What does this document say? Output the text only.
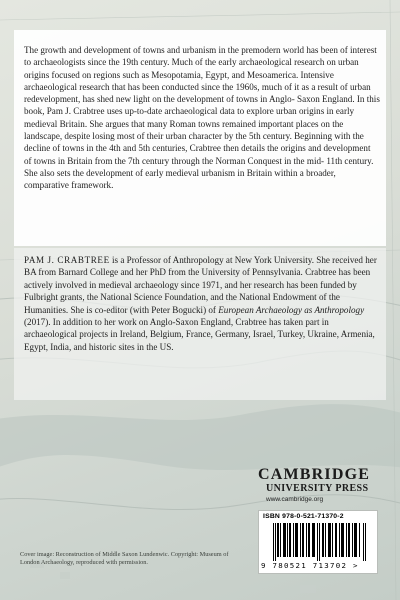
The growth and development of towns and urbanism in the premodern world has been of interest to archaeologists since the 19th century. Much of the early archaeological research on urban origins focused on regions such as Mesopotamia, Egypt, and Mesoamerica. Intensive archaeological research that has been conducted since the 1960s, much of it as a result of urban redevelopment, has shed new light on the development of towns in Anglo- Saxon England. In this book, Pam J. Crabtree uses up-to-date archaeological data to explore urban origins in early medieval Britain. She argues that many Roman towns remained important places on the landscape, despite losing most of their urban character by the 5th century. Beginning with the decline of towns in the 4th and 5th centuries, Crabtree then details the origins and development of towns in Britain from the 7th century through the Norman Conquest in the mid- 11th century. She also sets the development of early medieval urbanism in Britain within a broader, comparative framework.

PAM J. CRABTREE is a Professor of Anthropology at New York University. She received her BA from Barnard College and her PhD from the University of Pennsylvania. Crabtree has been actively involved in medieval archaeology since 1971, and her research has been funded by Fulbright grants, the National Science Foundation, and the National Endowment of the Humanities. She is co-editor (with Peter Bogucki) of European Archaeology as Anthropology (2017). In addition to her work on Anglo-Saxon England, Crabtree has taken part in archaeological projects in Ireland, Belgium, France, Germany, Israel, Turkey, Ukraine, Armenia, Egypt, India, and historic sites in the US.

CAMBRIDGE
UNIVERSITY PRESS
www.cambridge.org
ISBN 978-0-521-71370-2
9 780521 713702 >

Cover image: Reconstruction of Middle Saxon Lundenwic. Copyright: Museum of London Archaeology, reproduced with permission.
